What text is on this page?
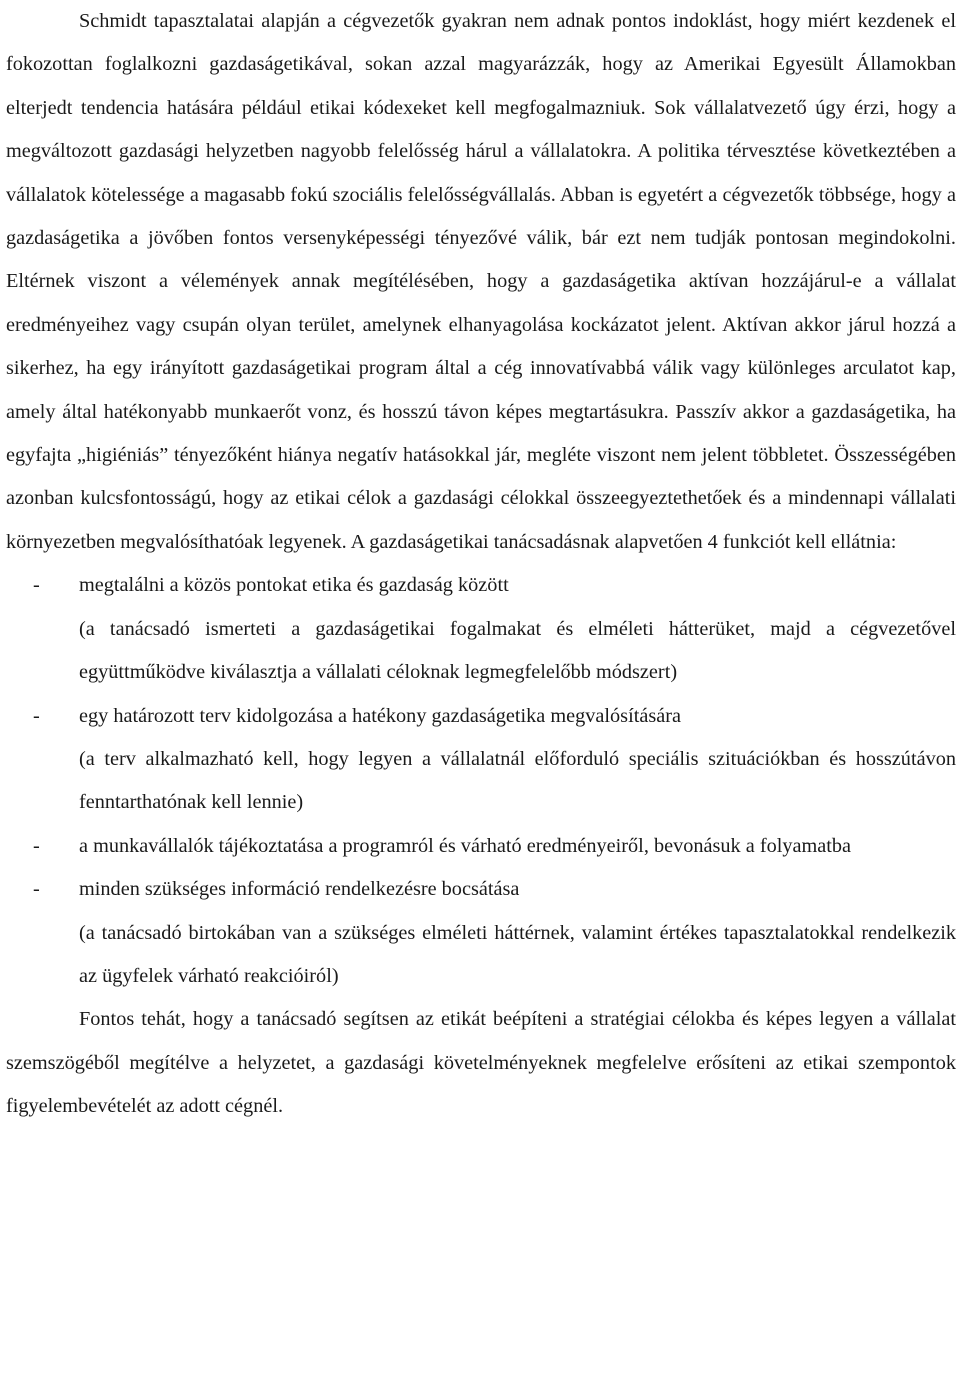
Schmidt tapasztalatai alapján a cégvezetők gyakran nem adnak pontos indoklást, hogy miért kezdenek el fokozottan foglalkozni gazdaságetikával, sokan azzal magyarázzák, hogy az Amerikai Egyesült Államokban elterjedt tendencia hatására például etikai kódexeket kell megfogalmazniuk. Sok vállalatvezető úgy érzi, hogy a megváltozott gazdasági helyzetben nagyobb felelősség hárul a vállalatokra. A politika térvesztése következtében a vállalatok kötelessége a magasabb fokú szociális felelősségvállalás. Abban is egyetért a cégvezetők többsége, hogy a gazdaságetika a jövőben fontos versenyképességi tényezővé válik, bár ezt nem tudják pontosan megindokolni. Eltérnek viszont a vélemények annak megítélésében, hogy a gazdaságetika aktívan hozzájárul-e a vállalat eredményeihez vagy csupán olyan terület, amelynek elhanyagolása kockázatot jelent. Aktívan akkor járul hozzá a sikerhez, ha egy irányított gazdaságetikai program által a cég innovatívabbá válik vagy különleges arculatot kap, amely által hatékonyabb munkaerőt vonz, és hosszú távon képes megtartásukra. Passzív akkor a gazdaságetika, ha egyfajta „higiéniás” tényezőként hiánya negatív hatásokkal jár, megléte viszont nem jelent többletet. Összességében azonban kulcsfontosságú, hogy az etikai célok a gazdasági célokkal összeegyeztethetőek és a mindennapi vállalati környezetben megvalósíthatóak legyenek. A gazdaságetikai tanácsadásnak alapvetően 4 funkciót kell ellátnia:

- megtalálni a közös pontokat etika és gazdaság között
(a tanácsadó ismerteti a gazdaságetikai fogalmakat és elméleti hátterüket, majd a cégvezetővel együttműködve kiválasztja a vállalati céloknak legmegfelelőbb módszert)
- egy határozott terv kidolgozása a hatékony gazdaságetika megvalósítására
(a terv alkalmazható kell, hogy legyen a vállalatnál előforduló speciális szituációkban és hosszútávon fenntarthatónak kell lennie)
- a munkavállalók tájékoztatása a programról és várható eredményeiről, bevonásuk a folyamatba
- minden szükséges információ rendelkezésre bocsátása
(a tanácsadó birtokában van a szükséges elméleti háttérnek, valamint értékes tapasztalatokkal rendelkezik az ügyfelek várható reakcióiról)

Fontos tehát, hogy a tanácsadó segítsen az etikát beépíteni a stratégiai célokba és képes legyen a vállalat szemszögéből megítélve a helyzetet, a gazdasági követelményeknek megfelelve erősíteni az etikai szempontok figyelembevételét az adott cégnél.
